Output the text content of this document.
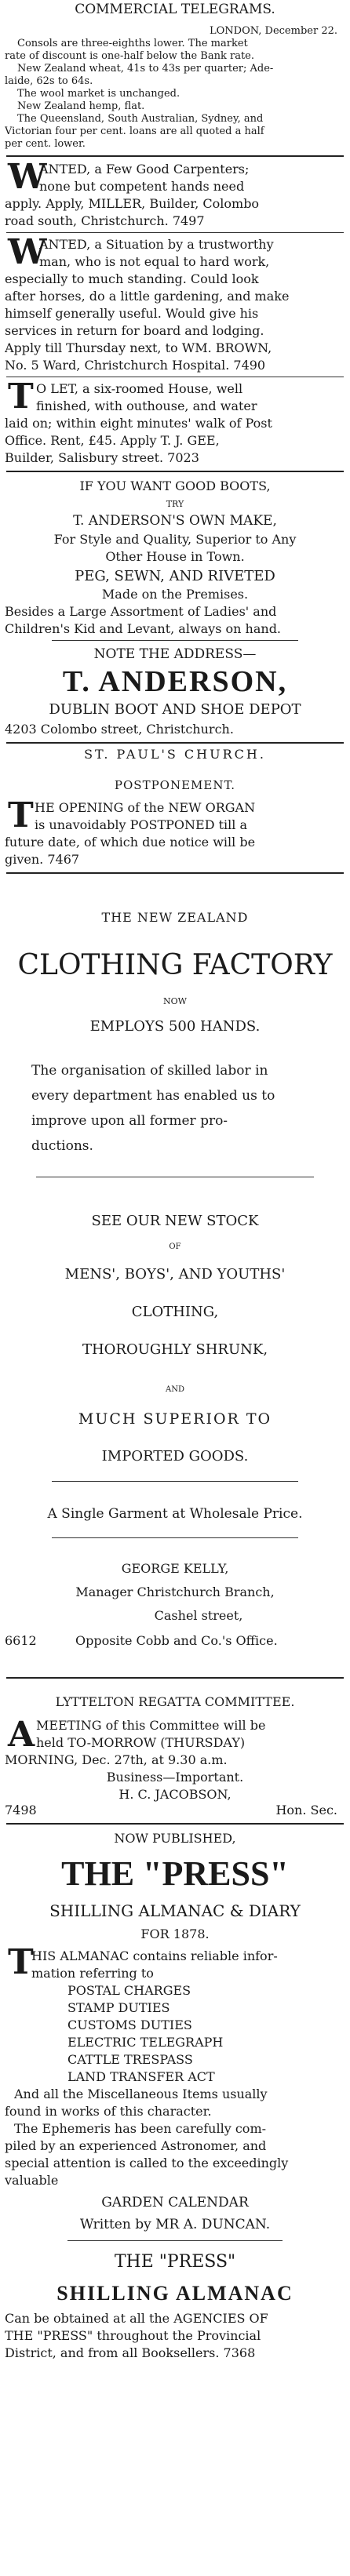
COMMERCIAL TELEGRAMS.
LONDON, December 22.
Consols are three-eighths lower. The market
rate of discount is one-half below the Bank rate.
New Zealand wheat, 41s to 43s per quarter; Ade-
laide, 62s to 64s.
The wool market is unchanged.
New Zealand hemp, flat.
The Queensland, South Australian, Sydney, and
Victorian four per cent. loans are all quoted a half
per cent. lower.
W
ANTED, a Few Good Carpenters;
none but competent hands need
apply. Apply, MILLER, Builder, Colombo
road south, Christchurch. 7497
W
ANTED, a Situation by a trustworthy
man, who is not equal to hard work,
especially to much standing. Could look
after horses, do a little gardening, and make
himself generally useful. Would give his
services in return for board and lodging.
Apply till Thursday next, to WM. BROWN,
No. 5 Ward, Christchurch Hospital. 7490
T O LET, a six-roomed House, well
finished, with outhouse, and water
laid on; within eight minutes' walk of Post
Office. Rent, £45. Apply T. J. GEE,
Builder, Salisbury street. 7023
IF YOU WANT GOOD BOOTS,
TRY
T. ANDERSON'S OWN MAKE,
For Style and Quality, Superior to Any
Other House in Town.
PEG, SEWN, AND RIVETED
Made on the Premises.
Besides a Large Assortment of Ladies' and
Children's Kid and Levant, always on hand.
NOTE THE ADDRESS—
T. ANDERSON,
DUBLIN BOOT AND SHOE DEPOT
4203 Colombo street, Christchurch.
ST. PAUL'S CHURCH.
POSTPONEMENT.
T HE OPENING of the NEW ORGAN
is unavoidably POSTPONED till a
future date, of which due notice will be
given. 7467
THE NEW ZEALAND
CLOTHING FACTORY
NOW
EMPLOYS 500 HANDS.
The organisation of skilled labor in
every department has enabled us to
improve upon all former pro-
ductions.
SEE OUR NEW STOCK
OF
MENS', BOYS', AND YOUTHS'
CLOTHING,
THOROUGHLY SHRUNK,
AND
MUCH SUPERIOR TO
IMPORTED GOODS.
A Single Garment at Wholesale Price.
GEORGE KELLY,
Manager Christchurch Branch,
Cashel street,
6612	Opposite Cobb and Co.'s Office.
LYTTELTON REGATTA COMMITTEE.
A MEETING of this Committee will be
held TO-MORROW (THURSDAY)
MORNING, Dec. 27th, at 9.30 a.m.
Business—Important.
H. C. JACOBSON,
7498	Hon. Sec.
NOW PUBLISHED,
THE "PRESS"
SHILLING ALMANAC & DIARY
FOR 1878.
T
HIS ALMANAC contains reliable infor-
mation referring to
POSTAL CHARGES
STAMP DUTIES
CUSTOMS DUTIES
ELECTRIC TELEGRAPH
CATTLE TRESPASS
LAND TRANSFER ACT
And all the Miscellaneous Items usually
found in works of this character.
The Ephemeris has been carefully com-
piled by an experienced Astronomer, and
special attention is called to the exceedingly
valuable
GARDEN CALENDAR
Written by MR A. DUNCAN.
THE "PRESS"
SHILLING ALMANAC
Can be obtained at all the AGENCIES OF
THE "PRESS" throughout the Provincial
District, and from all Booksellers. 7368
